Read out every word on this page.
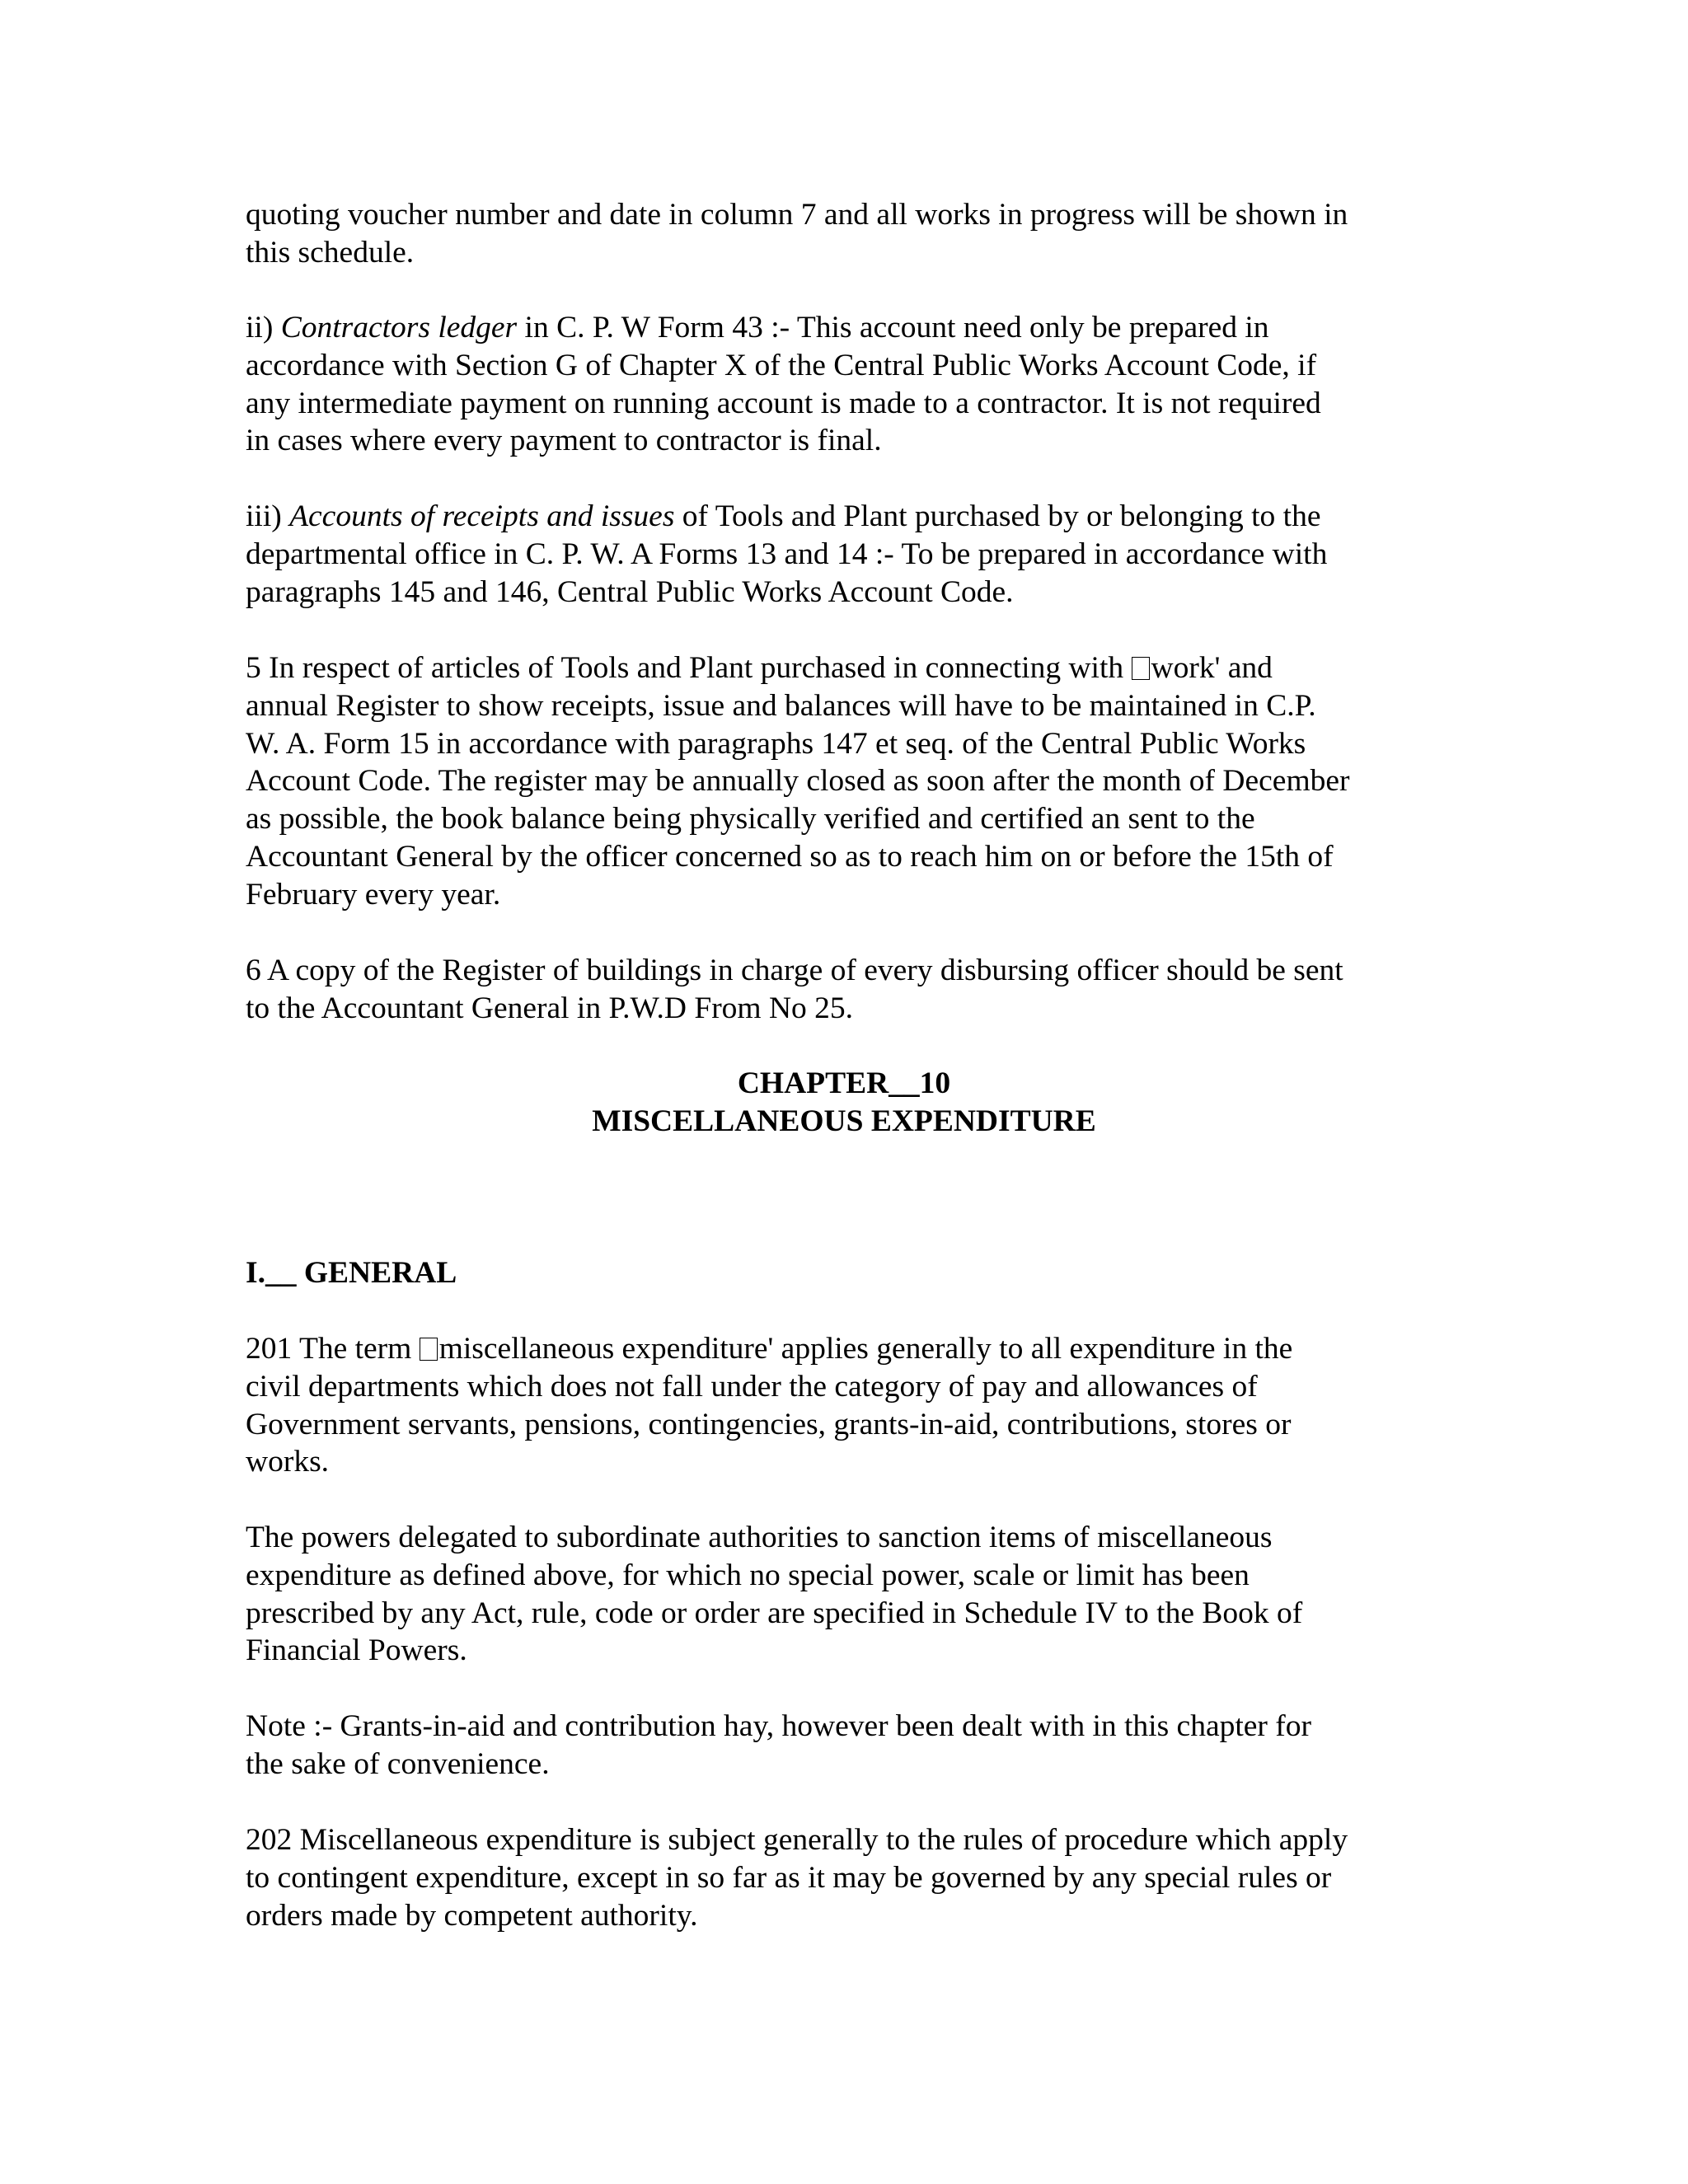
quoting voucher number and date in column 7 and all works in progress will be shown in
this schedule.
ii) Contractors ledger in C. P. W Form 43 :- This account need only be prepared in
accordance with Section G of Chapter X of the Central Public Works Account Code, if
any intermediate payment on running account is made to a contractor. It is not required
in cases where every payment to contractor is final.
iii) Accounts of receipts and issues of Tools and Plant purchased by or belonging to the
departmental office in C. P. W. A Forms 13 and 14 :- To be prepared in accordance with
paragraphs 145 and 146, Central Public Works Account Code.
5 In respect of articles of Tools and Plant purchased in connecting with work' and
annual Register to show receipts, issue and balances will have to be maintained in C.P.
W. A. Form 15 in accordance with paragraphs 147 et seq. of the Central Public Works
Account Code. The register may be annually closed as soon after the month of December
as possible, the book balance being physically verified and certified an sent to the
Accountant General by the officer concerned so as to reach him on or before the 15th of
February every year.
6 A copy of the Register of buildings in charge of every disbursing officer should be sent
to the Accountant General in P.W.D From No 25.
CHAPTER__10
MISCELLANEOUS EXPENDITURE
I.__ GENERAL
201 The term miscellaneous expenditure' applies generally to all expenditure in the
civil departments which does not fall under the category of pay and allowances of
Government servants, pensions, contingencies, grants-in-aid, contributions, stores or
works.
The powers delegated to subordinate authorities to sanction items of miscellaneous
expenditure as defined above, for which no special power, scale or limit has been
prescribed by any Act, rule, code or order are specified in Schedule IV to the Book of
Financial Powers.
Note :- Grants-in-aid and contribution hay, however been dealt with in this chapter for
the sake of convenience.
202 Miscellaneous expenditure is subject generally to the rules of procedure which apply
to contingent expenditure, except in so far as it may be governed by any special rules or
orders made by competent authority.
